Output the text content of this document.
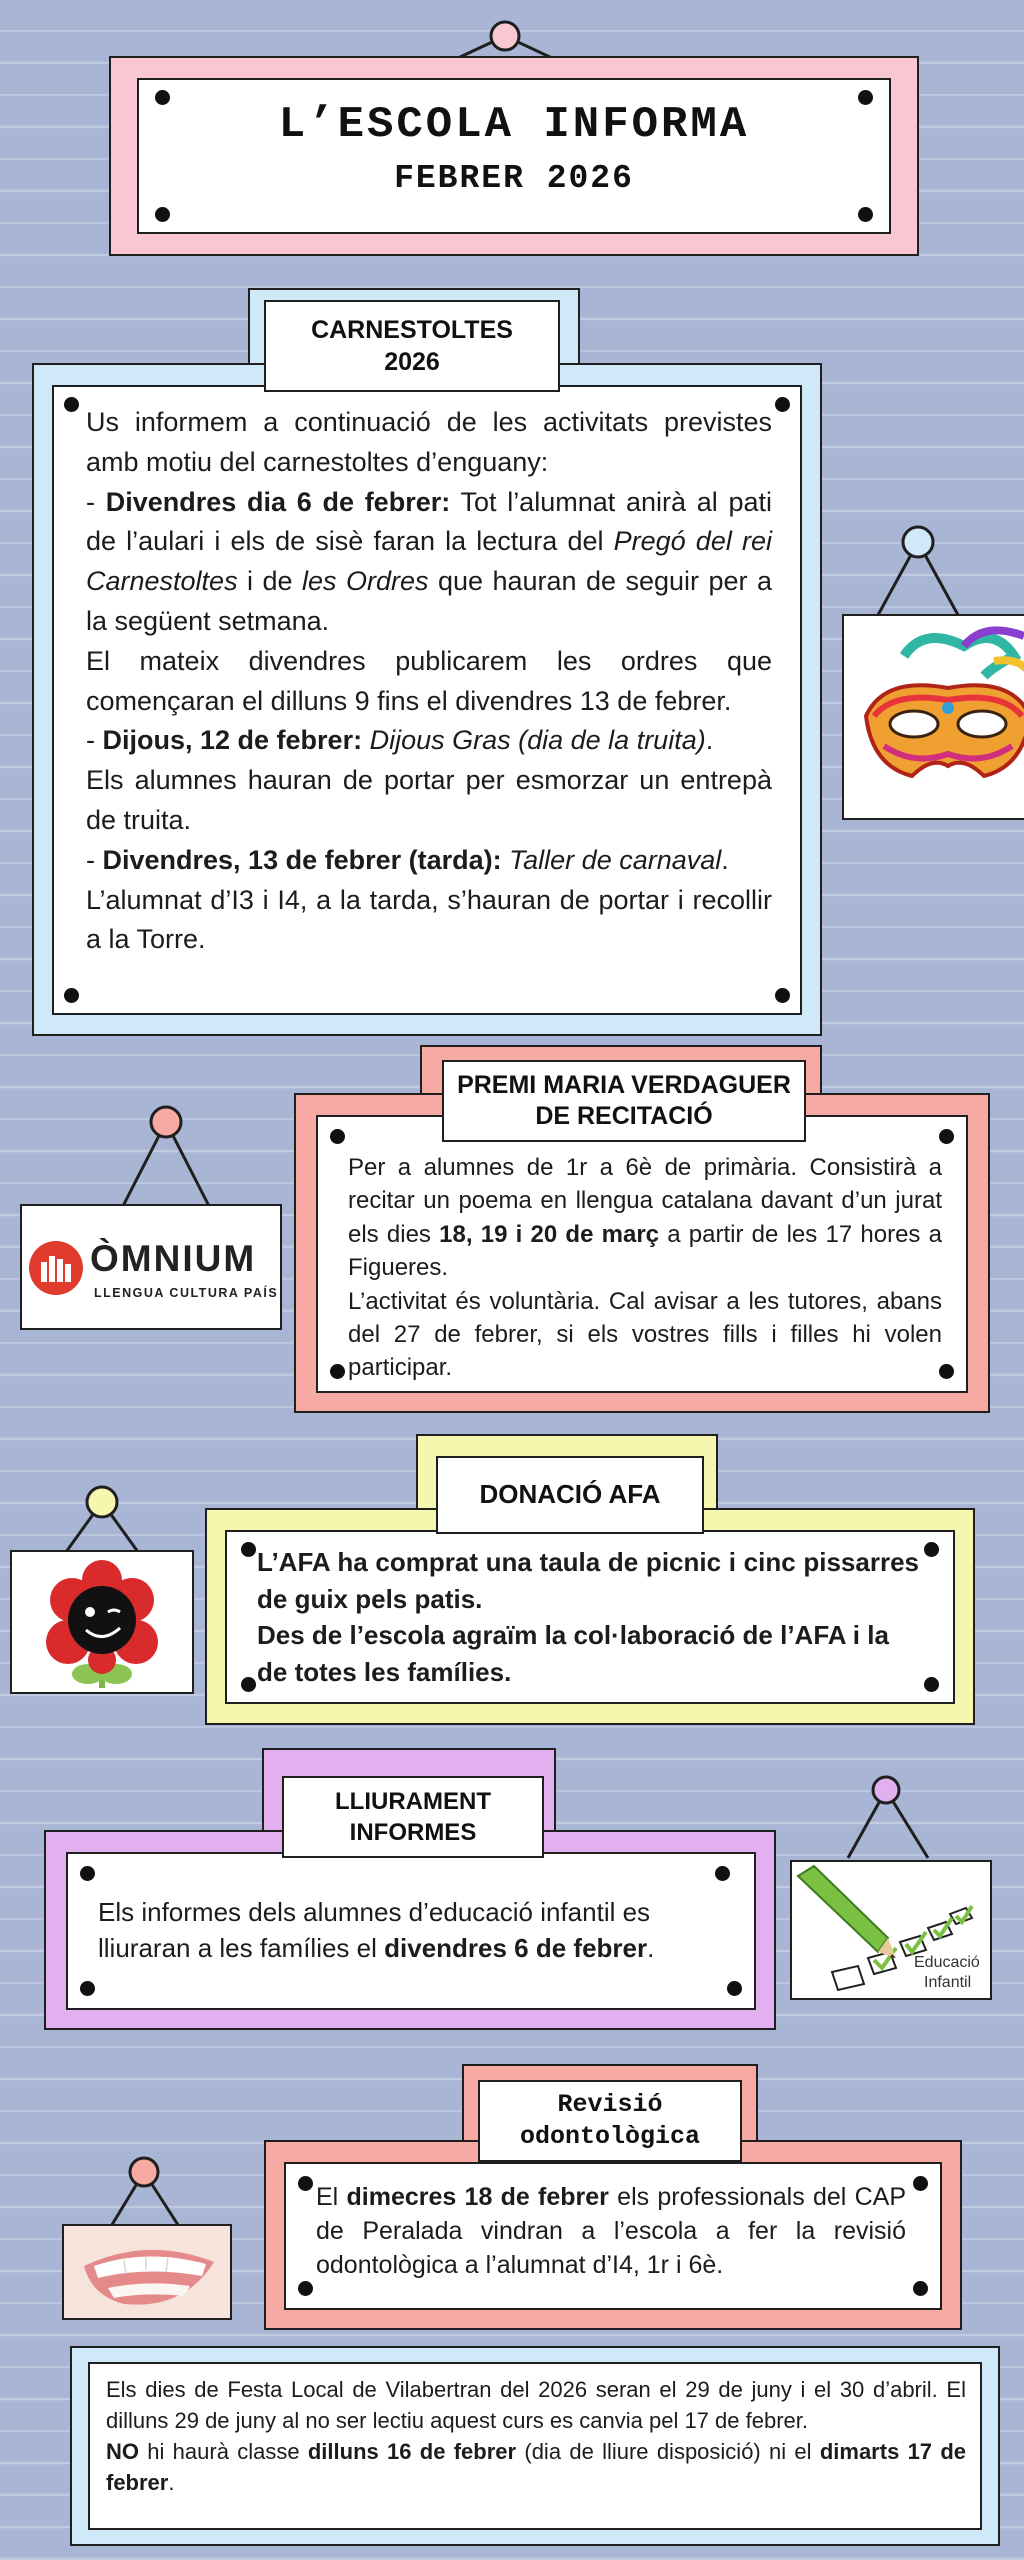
L’ESCOLA INFORMA
FEBRER 2026

Us informem a continuació de les activitats previstes amb motiu del carnestoltes d’enguany:

- Divendres dia 6 de febrer: Tot l’alumnat anirà al pati de l’aulari i els de sisè faran la lectura del Pregó del rei Carnestoltes i de les Ordres que hauran de seguir per a la següent setmana.

El mateix divendres publicarem les ordres que començaran el dilluns 9 fins el divendres 13 de febrer.

- Dijous, 12 de febrer: Dijous Gras (dia de la truita).

Els alumnes hauran de portar per esmorzar un entrepà de truita.

- Divendres, 13 de febrer (tarda): Taller de carnaval.

L’alumnat d’I3 i I4, a la tarda, s’hauran de portar i recollir a la Torre.

CARNESTOLTES
2026

Per a alumnes de 1r a 6è de primària. Consistirà a recitar un poema en llengua catalana davant d’un jurat els dies 18, 19 i 20 de març a partir de les 17 hores a Figueres.

L’activitat és voluntària. Cal avisar a les tutores, abans del 27 de febrer, si els vostres fills i filles hi volen participar.

PREMI MARIA VERDAGUER
DE RECITACIÓ
ÒMNIUM
LLENGUA CULTURA PAÍS

L’AFA ha comprat una taula de picnic i cinc pissarres de guix pels patis.

Des de l’escola agraïm la col·laboració de l’AFA i la de totes les famílies.

DONACIÓ AFA

Els informes dels alumnes d’educació infantil es lliuraran a les famílies el divendres 6 de febrer.

LLIURAMENT
INFORMES
Educació
Infantil

El dimecres 18 de febrer els professionals del CAP de Peralada vindran a l’escola a fer la revisió odontològica a l’alumnat d’I4, 1r i 6è.

Revisió
odontològica

Els dies de Festa Local de Vilabertran del 2026 seran el 29 de juny i el 30 d’abril. El dilluns 29 de juny al no ser lectiu aquest curs es canvia pel 17 de febrer.

NO hi haurà classe dilluns 16 de febrer (dia de lliure disposició) ni el dimarts 17 de febrer.
